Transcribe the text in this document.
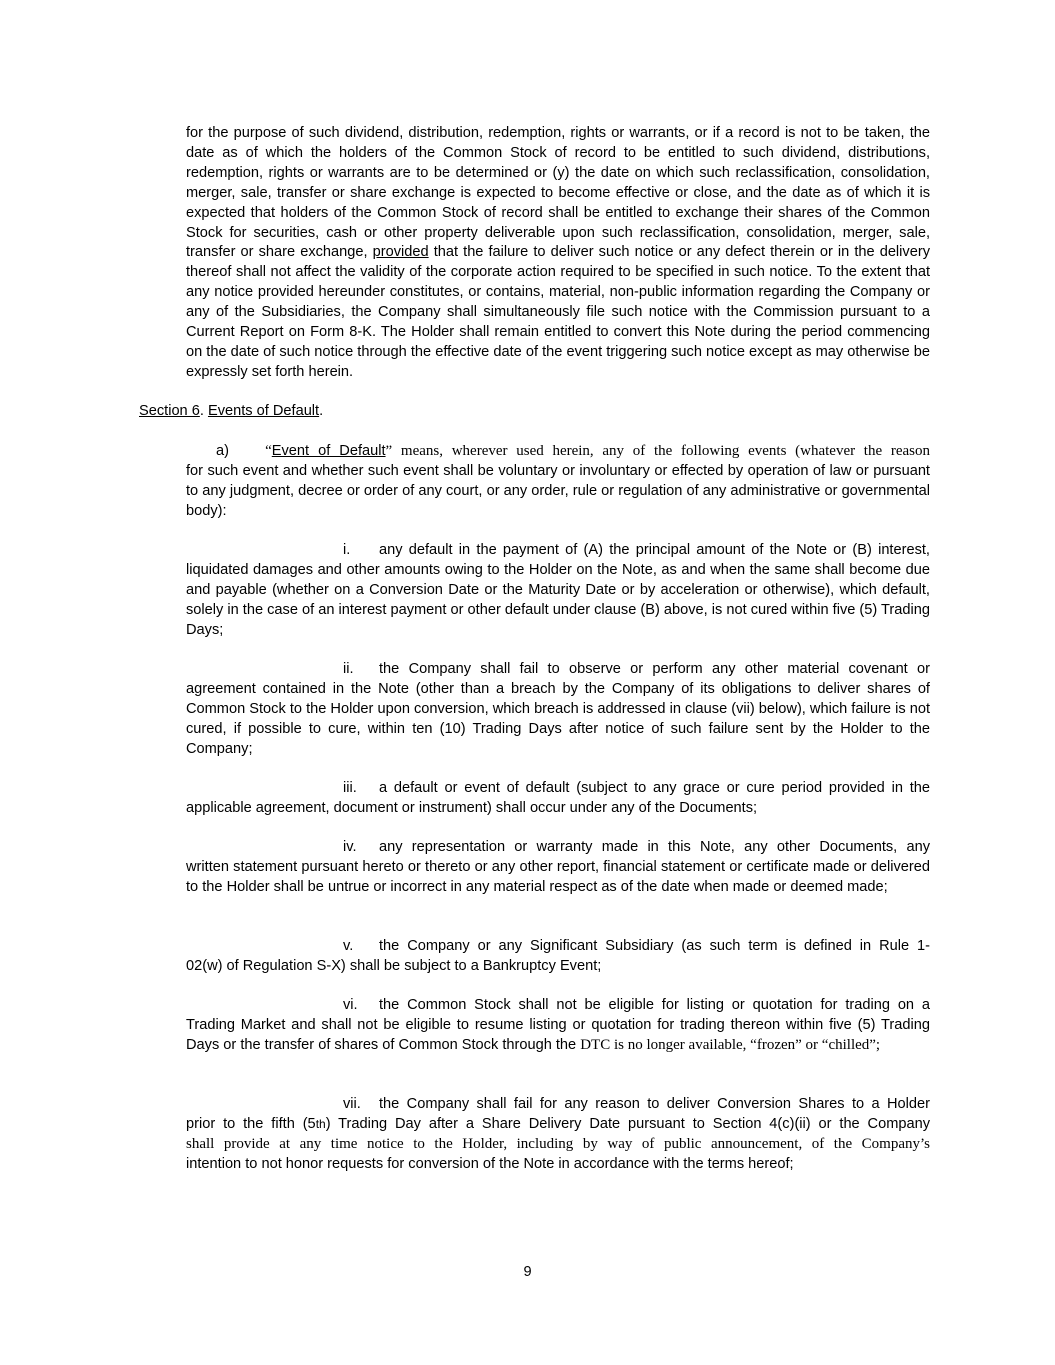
for the purpose of such dividend, distribution, redemption, rights or warrants, or if a record is not to be taken, the date as of which the holders of the Common Stock of record to be entitled to such dividend, distributions, redemption, rights or warrants are to be determined or (y) the date on which such reclassification, consolidation, merger, sale, transfer or share exchange is expected to become effective or close, and the date as of which it is expected that holders of the Common Stock of record shall be entitled to exchange their shares of the Common Stock for securities, cash or other property deliverable upon such reclassification, consolidation, merger, sale, transfer or share exchange, provided that the failure to deliver such notice or any defect therein or in the delivery thereof shall not affect the validity of the corporate action required to be specified in such notice. To the extent that any notice provided hereunder constitutes, or contains, material, non-public information regarding the Company or any of the Subsidiaries, the Company shall simultaneously file such notice with the Commission pursuant to a Current Report on Form 8-K. The Holder shall remain entitled to convert this Note during the period commencing on the date of such notice through the effective date of the event triggering such notice except as may otherwise be expressly set forth herein.
Section 6. Events of Default.
a) “Event of Default” means, wherever used herein, any of the following events (whatever the reason
for such event and whether such event shall be voluntary or involuntary or effected by operation of law or pursuant to any judgment, decree or order of any court, or any order, rule or regulation of any administrative or governmental body):
i. any default in the payment of (A) the principal amount of the Note or (B) interest,
liquidated damages and other amounts owing to the Holder on the Note, as and when the same shall become due and payable (whether on a Conversion Date or the Maturity Date or by acceleration or otherwise), which default, solely in the case of an interest payment or other default under clause (B) above, is not cured within five (5) Trading Days;
ii. the Company shall fail to observe or perform any other material covenant or
agreement contained in the Note (other than a breach by the Company of its obligations to deliver shares of Common Stock to the Holder upon conversion, which breach is addressed in clause (vii) below), which failure is not cured, if possible to cure, within ten (10) Trading Days after notice of such failure sent by the Holder to the Company;
iii. a default or event of default (subject to any grace or cure period provided in the
applicable agreement, document or instrument) shall occur under any of the Documents;
iv. any representation or warranty made in this Note, any other Documents, any
written statement pursuant hereto or thereto or any other report, financial statement or certificate made or delivered to the Holder shall be untrue or incorrect in any material respect as of the date when made or deemed made;
v. the Company or any Significant Subsidiary (as such term is defined in Rule 1-
02(w) of Regulation S-X) shall be subject to a Bankruptcy Event;
vi. the Common Stock shall not be eligible for listing or quotation for trading on a
Trading Market and shall not be eligible to resume listing or quotation for trading thereon within five (5) Trading Days or the transfer of shares of Common Stock through the DTC is no longer available, “frozen” or “chilled”;
vii. the Company shall fail for any reason to deliver Conversion Shares to a Holder
prior to the fifth (5th) Trading Day after a Share Delivery Date pursuant to Section 4(c)(ii) or the Company
shall provide at any time notice to the Holder, including by way of public announcement, of the Company’s
intention to not honor requests for conversion of the Note in accordance with the terms hereof;
9
